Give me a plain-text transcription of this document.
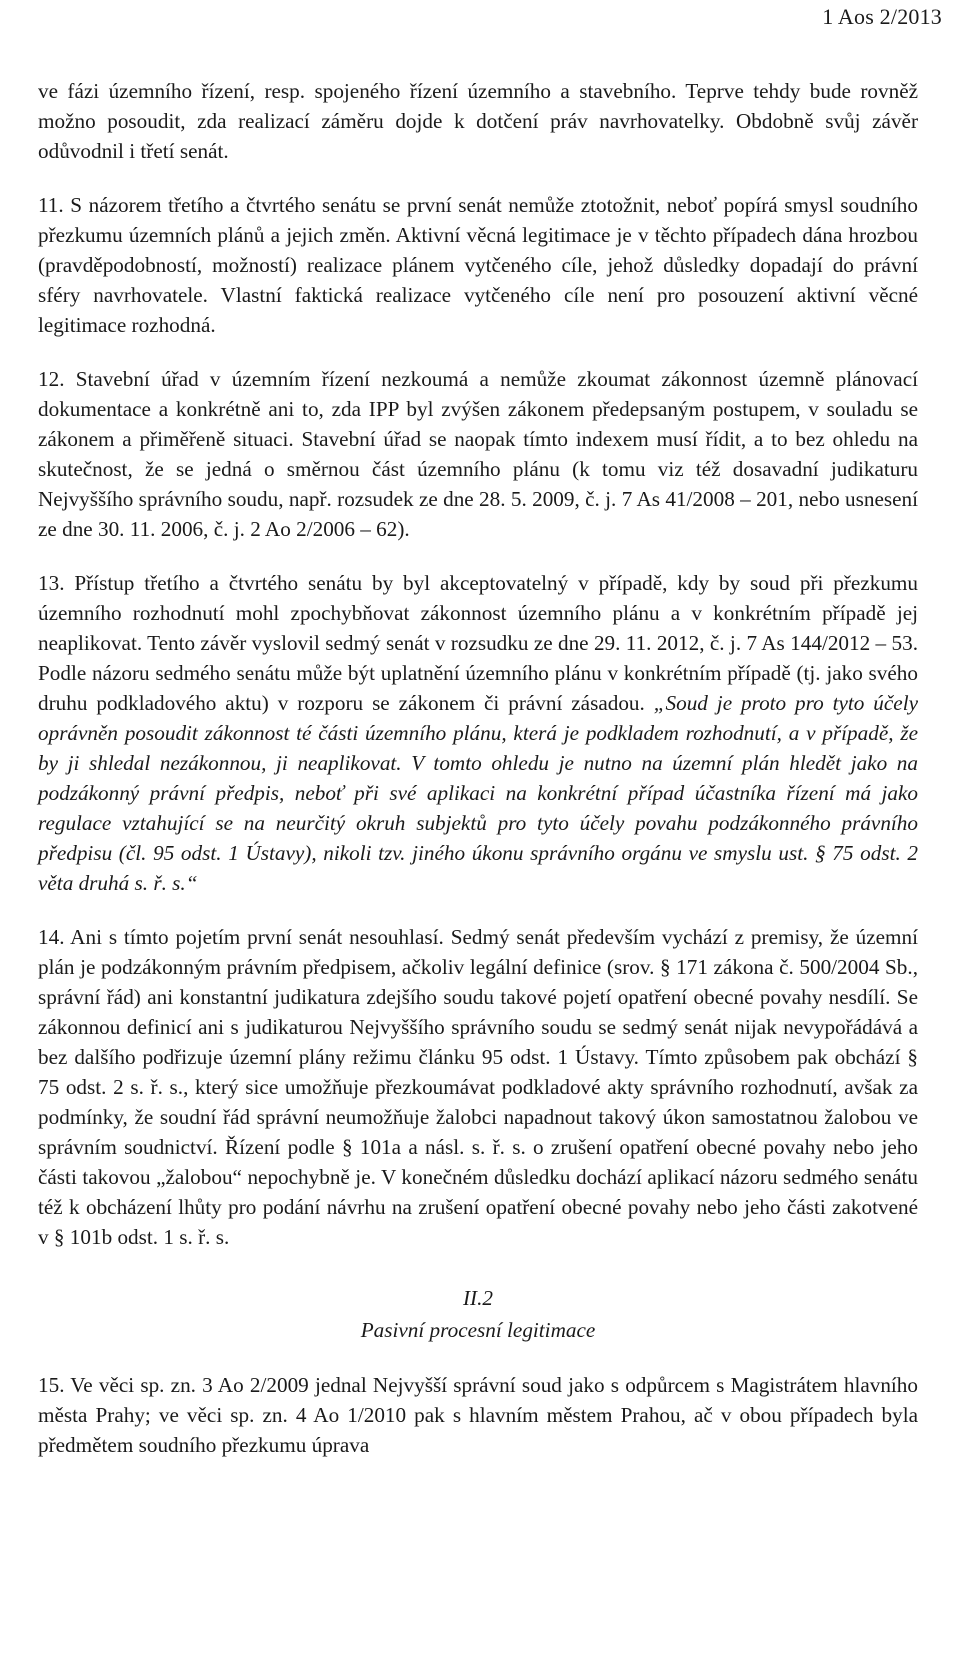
1 Aos 2/2013

ve fázi územního řízení, resp. spojeného řízení územního a stavebního. Teprve tehdy bude rovněž možno posoudit, zda realizací záměru dojde k dotčení práv navrhovatelky. Obdobně svůj závěr odůvodnil i třetí senát.

11. S názorem třetího a čtvrtého senátu se první senát nemůže ztotožnit, neboť popírá smysl soudního přezkumu územních plánů a jejich změn. Aktivní věcná legitimace je v těchto případech dána hrozbou (pravděpodobností, možností) realizace plánem vytčeného cíle, jehož důsledky dopadají do právní sféry navrhovatele. Vlastní faktická realizace vytčeného cíle není pro posouzení aktivní věcné legitimace rozhodná.

12. Stavební úřad v územním řízení nezkoumá a nemůže zkoumat zákonnost územně plánovací dokumentace a konkrétně ani to, zda IPP byl zvýšen zákonem předepsaným postupem, v souladu se zákonem a přiměřeně situaci. Stavební úřad se naopak tímto indexem musí řídit, a to bez ohledu na skutečnost, že se jedná o směrnou část územního plánu (k tomu viz též dosavadní judikaturu Nejvyššího správního soudu, např. rozsudek ze dne 28. 5. 2009, č. j. 7 As 41/2008 – 201, nebo usnesení ze dne 30. 11. 2006, č. j. 2 Ao 2/2006 – 62).

13. Přístup třetího a čtvrtého senátu by byl akceptovatelný v případě, kdy by soud při přezkumu územního rozhodnutí mohl zpochybňovat zákonnost územního plánu a v konkrétním případě jej neaplikovat. Tento závěr vyslovil sedmý senát v rozsudku ze dne 29. 11. 2012, č. j. 7 As 144/2012 – 53. Podle názoru sedmého senátu může být uplatnění územního plánu v konkrétním případě (tj. jako svého druhu podkladového aktu) v rozporu se zákonem či právní zásadou. „Soud je proto pro tyto účely oprávněn posoudit zákonnost té části územního plánu, která je podkladem rozhodnutí, a v případě, že by ji shledal nezákonnou, ji neaplikovat. V tomto ohledu je nutno na územní plán hledět jako na podzákonný právní předpis, neboť při své aplikaci na konkrétní případ účastníka řízení má jako regulace vztahující se na neurčitý okruh subjektů pro tyto účely povahu podzákonného právního předpisu (čl. 95 odst. 1 Ústavy), nikoli tzv. jiného úkonu správního orgánu ve smyslu ust. § 75 odst. 2 věta druhá s. ř. s.“

14. Ani s tímto pojetím první senát nesouhlasí. Sedmý senát především vychází z premisy, že územní plán je podzákonným právním předpisem, ačkoliv legální definice (srov. § 171 zákona č. 500/2004 Sb., správní řád) ani konstantní judikatura zdejšího soudu takové pojetí opatření obecné povahy nesdílí. Se zákonnou definicí ani s judikaturou Nejvyššího správního soudu se sedmý senát nijak nevypořádává a bez dalšího podřizuje územní plány režimu článku 95 odst. 1 Ústavy. Tímto způsobem pak obchází § 75 odst. 2 s. ř. s., který sice umožňuje přezkoumávat podkladové akty správního rozhodnutí, avšak za podmínky, že soudní řád správní neumožňuje žalobci napadnout takový úkon samostatnou žalobou ve správním soudnictví. Řízení podle § 101a a násl. s. ř. s. o zrušení opatření obecné povahy nebo jeho části takovou „žalobou“ nepochybně je. V konečném důsledku dochází aplikací názoru sedmého senátu též k obcházení lhůty pro podání návrhu na zrušení opatření obecné povahy nebo jeho části zakotvené v § 101b odst. 1 s. ř. s.

II.2
Pasivní procesní legitimace

15. Ve věci sp. zn. 3 Ao 2/2009 jednal Nejvyšší správní soud jako s odpůrcem s Magistrátem hlavního města Prahy; ve věci sp. zn. 4 Ao 1/2010 pak s hlavním městem Prahou, ač v obou případech byla předmětem soudního přezkumu úprava
